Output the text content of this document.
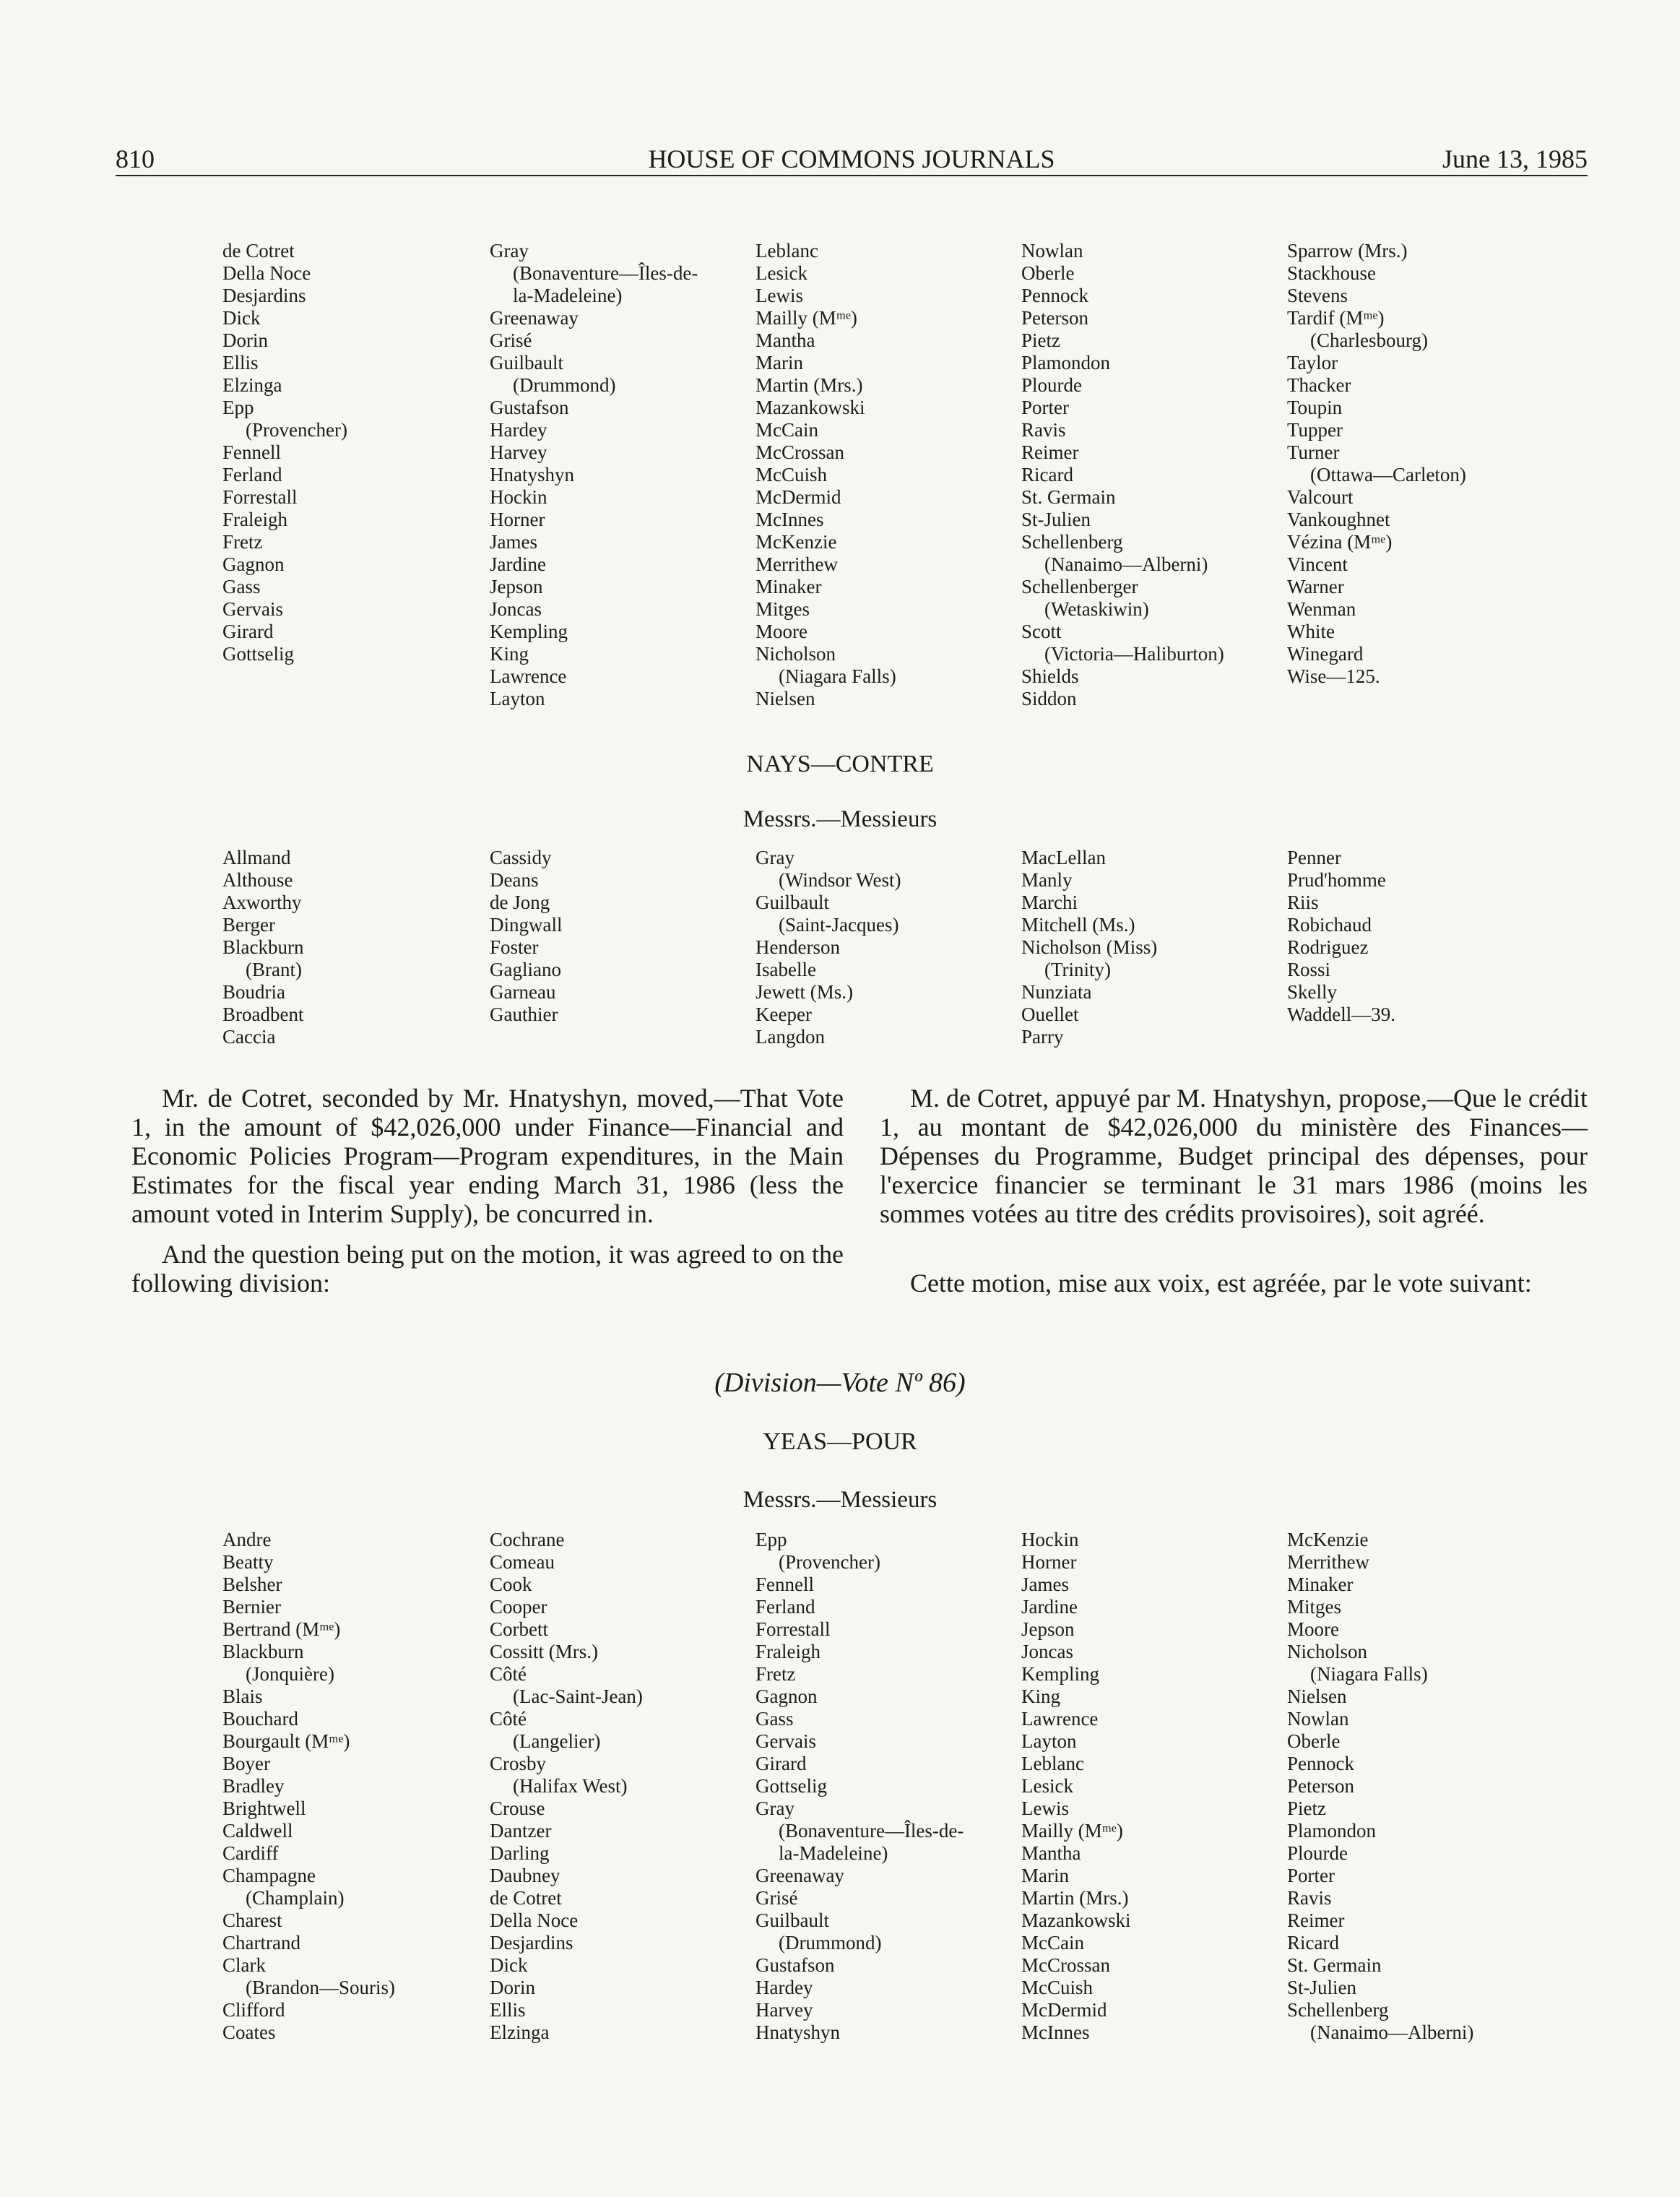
810	HOUSE OF COMMONS JOURNALS	June 13, 1985
de Cotret
Della Noce
Desjardins
Dick
Dorin
Ellis
Elzinga
Epp
(Provencher)
Fennell
Ferland
Forrestall
Fraleigh
Fretz
Gagnon
Gass
Gervais
Girard
Gottselig
Gray
(Bonaventure—Îles-de-
la-Madeleine)
Greenaway
Grisé
Guilbault
(Drummond)
Gustafson
Hardey
Harvey
Hnatyshyn
Hockin
Horner
James
Jardine
Jepson
Joncas
Kempling
King
Lawrence
Layton
Leblanc
Lesick
Lewis
Mailly (Mᵐᵉ)
Mantha
Marin
Martin (Mrs.)
Mazankowski
McCain
McCrossan
McCuish
McDermid
McInnes
McKenzie
Merrithew
Minaker
Mitges
Moore
Nicholson
(Niagara Falls)
Nielsen
Nowlan
Oberle
Pennock
Peterson
Pietz
Plamondon
Plourde
Porter
Ravis
Reimer
Ricard
St. Germain
St-Julien
Schellenberg
(Nanaimo—Alberni)
Schellenberger
(Wetaskiwin)
Scott
(Victoria—Haliburton)
Shields
Siddon
Sparrow (Mrs.)
Stackhouse
Stevens
Tardif (Mᵐᵉ)
(Charlesbourg)
Taylor
Thacker
Toupin
Tupper
Turner
(Ottawa—Carleton)
Valcourt
Vankoughnet
Vézina (Mᵐᵉ)
Vincent
Warner
Wenman
White
Winegard
Wise—125.
NAYS—CONTRE
Messrs.—Messieurs
Allmand
Althouse
Axworthy
Berger
Blackburn
(Brant)
Boudria
Broadbent
Caccia
Cassidy
Deans
de Jong
Dingwall
Foster
Gagliano
Garneau
Gauthier
Gray
(Windsor West)
Guilbault
(Saint-Jacques)
Henderson
Isabelle
Jewett (Ms.)
Keeper
Langdon
MacLellan
Manly
Marchi
Mitchell (Ms.)
Nicholson (Miss)
(Trinity)
Nunziata
Ouellet
Parry
Penner
Prud'homme
Riis
Robichaud
Rodriguez
Rossi
Skelly
Waddell—39.

Mr. de Cotret, seconded by Mr. Hnatyshyn, moved,—That Vote 1, in the amount of $42,026,000 under Finance—Financial and Economic Policies Program—Program expenditures, in the Main Estimates for the fiscal year ending March 31, 1986 (less the amount voted in Interim Supply), be concurred in.

And the question being put on the motion, it was agreed to on the following division:

M. de Cotret, appuyé par M. Hnatyshyn, propose,—Que le crédit 1, au montant de $42,026,000 du ministère des Finances—Dépenses du Programme, Budget principal des dépenses, pour l'exercice financier se terminant le 31 mars 1986 (moins les sommes votées au titre des crédits provisoires), soit agréé.

Cette motion, mise aux voix, est agréée, par le vote suivant:

(Division—Vote Nº 86)
YEAS—POUR
Messrs.—Messieurs
Andre
Beatty
Belsher
Bernier
Bertrand (Mᵐᵉ)
Blackburn
(Jonquière)
Blais
Bouchard
Bourgault (Mᵐᵉ)
Boyer
Bradley
Brightwell
Caldwell
Cardiff
Champagne
(Champlain)
Charest
Chartrand
Clark
(Brandon—Souris)
Clifford
Coates
Cochrane
Comeau
Cook
Cooper
Corbett
Cossitt (Mrs.)
Côté
(Lac-Saint-Jean)
Côté
(Langelier)
Crosby
(Halifax West)
Crouse
Dantzer
Darling
Daubney
de Cotret
Della Noce
Desjardins
Dick
Dorin
Ellis
Elzinga
Epp
(Provencher)
Fennell
Ferland
Forrestall
Fraleigh
Fretz
Gagnon
Gass
Gervais
Girard
Gottselig
Gray
(Bonaventure—Îles-de-
la-Madeleine)
Greenaway
Grisé
Guilbault
(Drummond)
Gustafson
Hardey
Harvey
Hnatyshyn
Hockin
Horner
James
Jardine
Jepson
Joncas
Kempling
King
Lawrence
Layton
Leblanc
Lesick
Lewis
Mailly (Mᵐᵉ)
Mantha
Marin
Martin (Mrs.)
Mazankowski
McCain
McCrossan
McCuish
McDermid
McInnes
McKenzie
Merrithew
Minaker
Mitges
Moore
Nicholson
(Niagara Falls)
Nielsen
Nowlan
Oberle
Pennock
Peterson
Pietz
Plamondon
Plourde
Porter
Ravis
Reimer
Ricard
St. Germain
St-Julien
Schellenberg
(Nanaimo—Alberni)
